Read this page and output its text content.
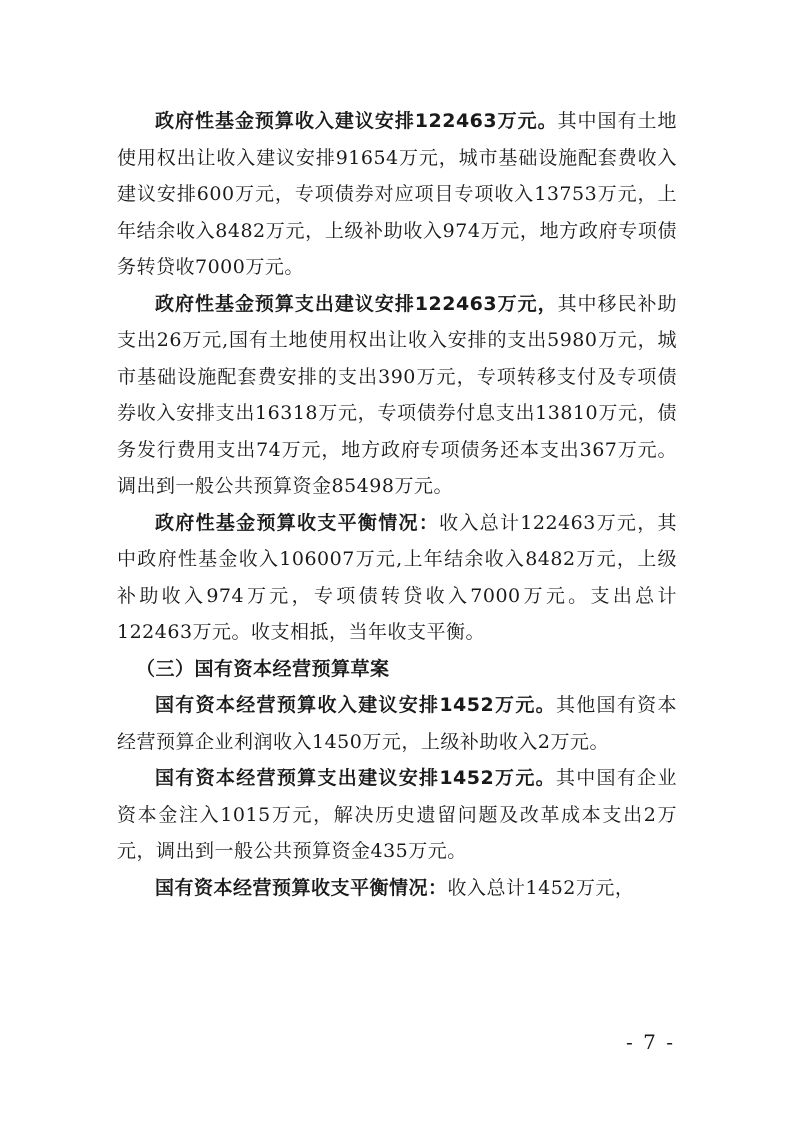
政府性基金预算收入建议安排122463万元。其中国有土地使用权出让收入建议安排91654万元，城市基础设施配套费收入建议安排600万元，专项债券对应项目专项收入13753万元，上年结余收入8482万元，上级补助收入974万元，地方政府专项债务转贷收7000万元。

政府性基金预算支出建议安排122463万元，其中移民补助支出26万元,国有土地使用权出让收入安排的支出5980万元，城市基础设施配套费安排的支出390万元，专项转移支付及专项债券收入安排支出16318万元，专项债券付息支出13810万元，债务发行费用支出74万元，地方政府专项债务还本支出367万元。调出到一般公共预算资金85498万元。

政府性基金预算收支平衡情况：收入总计122463万元，其中政府性基金收入106007万元,上年结余收入8482万元，上级补助收入974万元，专项债转贷收入7000万元。支出总计122463万元。收支相抵，当年收支平衡。

（三）国有资本经营预算草案

国有资本经营预算收入建议安排1452万元。其他国有资本经营预算企业利润收入1450万元，上级补助收入2万元。

国有资本经营预算支出建议安排1452万元。其中国有企业资本金注入1015万元，解决历史遗留问题及改革成本支出2万元，调出到一般公共预算资金435万元。

国有资本经营预算收支平衡情况：收入总计1452万元，

- 7 -
